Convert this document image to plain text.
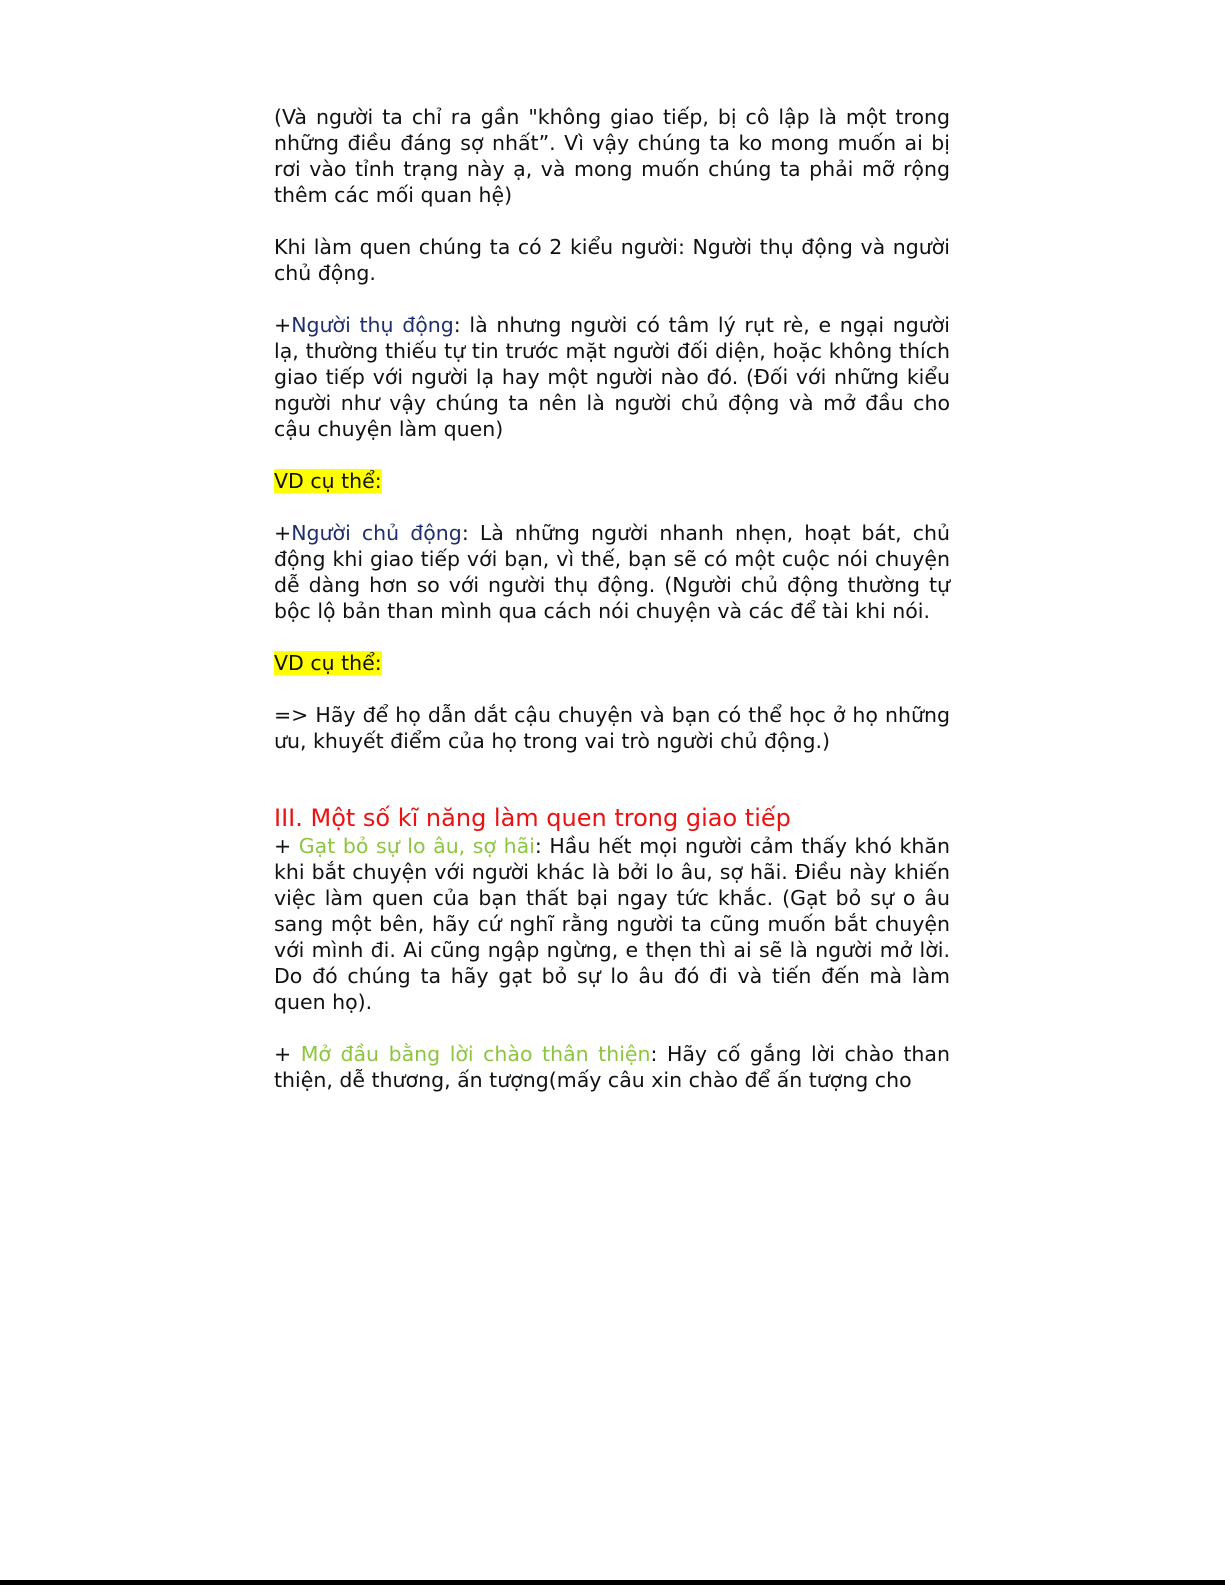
(Và người ta chỉ ra gần "không giao tiếp, bị cô lập là một trong những điều đáng sợ nhất”. Vì vậy chúng ta ko mong muốn ai bị rơi vào tỉnh trạng này ạ, và mong muốn chúng ta phải mỡ rộng thêm các mối quan hệ)

Khi làm quen chúng ta có 2 kiểu người: Người thụ động và người chủ động.

+Người thụ động: là nhưng người có tâm lý rụt rè, e ngại người lạ, thường thiếu tự tin trước mặt người đối diện, hoặc không thích giao tiếp với người lạ hay một người nào đó. (Đối với những kiểu người như vậy chúng ta nên là người chủ động và mở đầu cho cậu chuyện làm quen)

VD cụ thể:

+Người chủ động: Là những người nhanh nhẹn, hoạt bát, chủ động khi giao tiếp với bạn, vì thế, bạn sẽ có một cuộc nói chuyện dễ dàng hơn so với người thụ động. (Người chủ động thường tự bộc lộ bản than mình qua cách nói chuyện và các để tài khi nói.

VD cụ thể:

=> Hãy để họ dẫn dắt cậu chuyện và bạn có thể học ở họ những ưu, khuyết điểm của họ trong vai trò người chủ động.)

III. Một số kĩ năng làm quen trong giao tiếp

+ Gạt bỏ sự lo âu, sợ hãi: Hầu hết mọi người cảm thấy khó khăn khi bắt chuyện với người khác là bởi lo âu, sợ hãi. Điều này khiến việc làm quen của bạn thất bại ngay tức khắc. (Gạt bỏ sự o âu sang một bên, hãy cứ nghĩ rằng người ta cũng muốn bắt chuyện với mình đi. Ai cũng ngập ngừng, e thẹn thì ai sẽ là người mở lời. Do đó chúng ta hãy gạt bỏ sự lo âu đó đi và tiến đến mà làm quen họ).

+ Mở đầu bằng lời chào thân thiện: Hãy cố gắng lời chào than thiện, dễ thương, ấn tượng(mấy câu xin chào để ấn tượng cho
